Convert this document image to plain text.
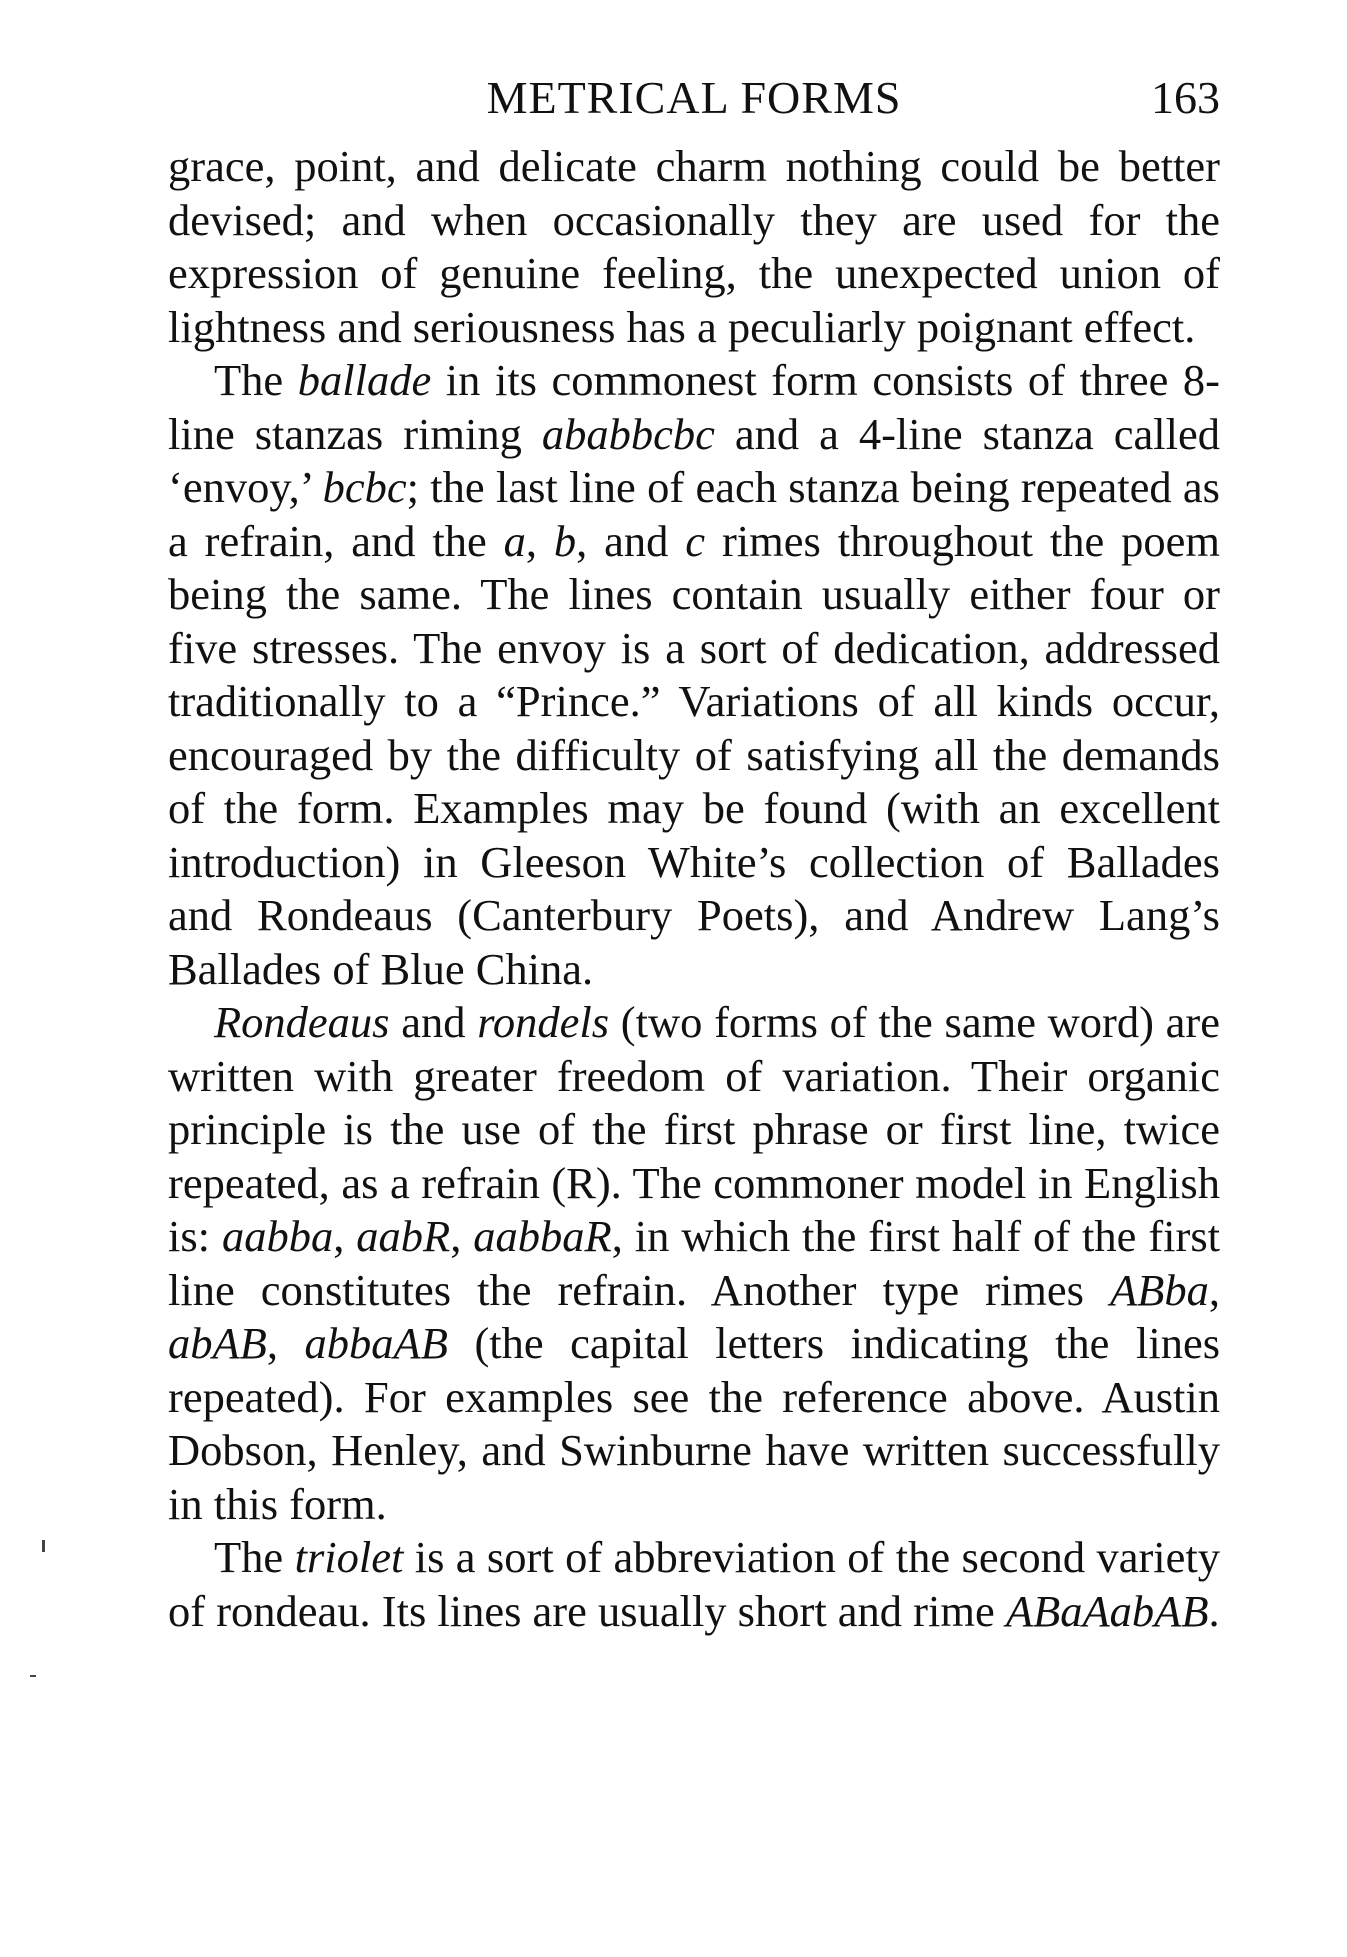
METRICAL FORMS	163

grace, point, and delicate charm nothing could be better devised; and when occasionally they are used for the expression of genuine feeling, the unexpected union of lightness and seriousness has a peculiarly poignant effect.

The ballade in its commonest form consists of three 8-line stanzas riming ababbcbc and a 4-line stanza called ‘envoy,’ bcbc; the last line of each stanza being repeated as a refrain, and the a, b, and c rimes throughout the poem being the same. The lines contain usually either four or five stresses. The envoy is a sort of dedication, addressed traditionally to a “Prince.” Variations of all kinds occur, encouraged by the difficulty of satisfying all the demands of the form. Examples may be found (with an excellent introduction) in Gleeson White’s collection of Ballades and Rondeaus (Canterbury Poets), and Andrew Lang’s Ballades of Blue China.

Rondeaus and rondels (two forms of the same word) are written with greater freedom of variation. Their organic principle is the use of the first phrase or first line, twice repeated, as a refrain (R). The commoner model in English is: aabba, aabR, aabbaR, in which the first half of the first line constitutes the refrain. Another type rimes ABba, abAB, abbaAB (the capital letters indicating the lines repeated). For examples see the reference above. Austin Dobson, Henley, and Swinburne have written successfully in this form.

The triolet is a sort of abbreviation of the second variety of rondeau. Its lines are usually short and rime ABaAabAB.
